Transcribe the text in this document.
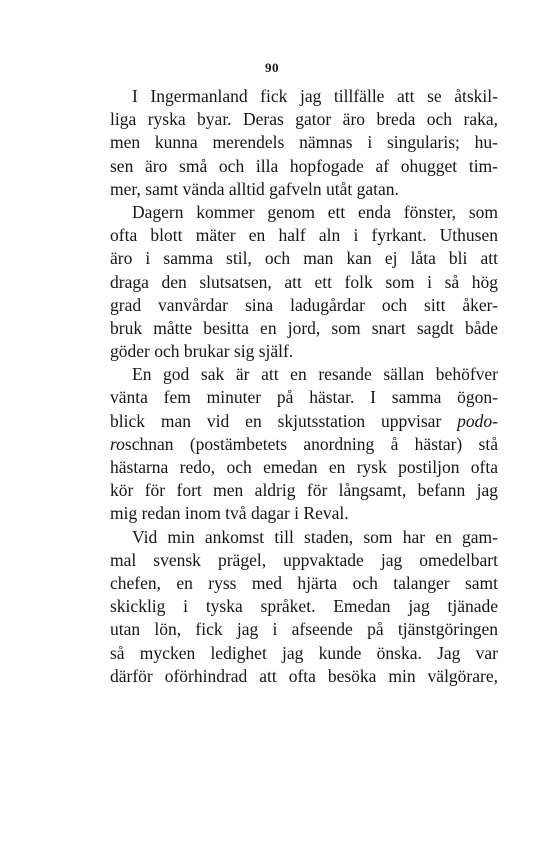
90
I Ingermanland fick jag tillfälle att se åtskil-
liga ryska byar. Deras gator äro breda och raka,
men kunna merendels nämnas i singularis; hu-
sen äro små och illa hopfogade af ohugget tim-
mer, samt vända alltid gafveln utåt gatan.
Dagern kommer genom ett enda fönster, som
ofta blott mäter en half aln i fyrkant. Uthusen
äro i samma stil, och man kan ej låta bli att
draga den slutsatsen, att ett folk som i så hög
grad vanvårdar sina ladugårdar och sitt åker-
bruk måtte besitta en jord, som snart sagdt både
göder och brukar sig själf.
En god sak är att en resande sällan behöfver
vänta fem minuter på hästar. I samma ögon-
blick man vid en skjutsstation uppvisar podo-
roschnan (postämbetets anordning å hästar) stå
hästarna redo, och emedan en rysk postiljon ofta
kör för fort men aldrig för långsamt, befann jag
mig redan inom två dagar i Reval.
Vid min ankomst till staden, som har en gam-
mal svensk prägel, uppvaktade jag omedelbart
chefen, en ryss med hjärta och talanger samt
skicklig i tyska språket. Emedan jag tjänade
utan lön, fick jag i afseende på tjänstgöringen
så mycken ledighet jag kunde önska. Jag var
därför oförhindrad att ofta besöka min välgörare,
